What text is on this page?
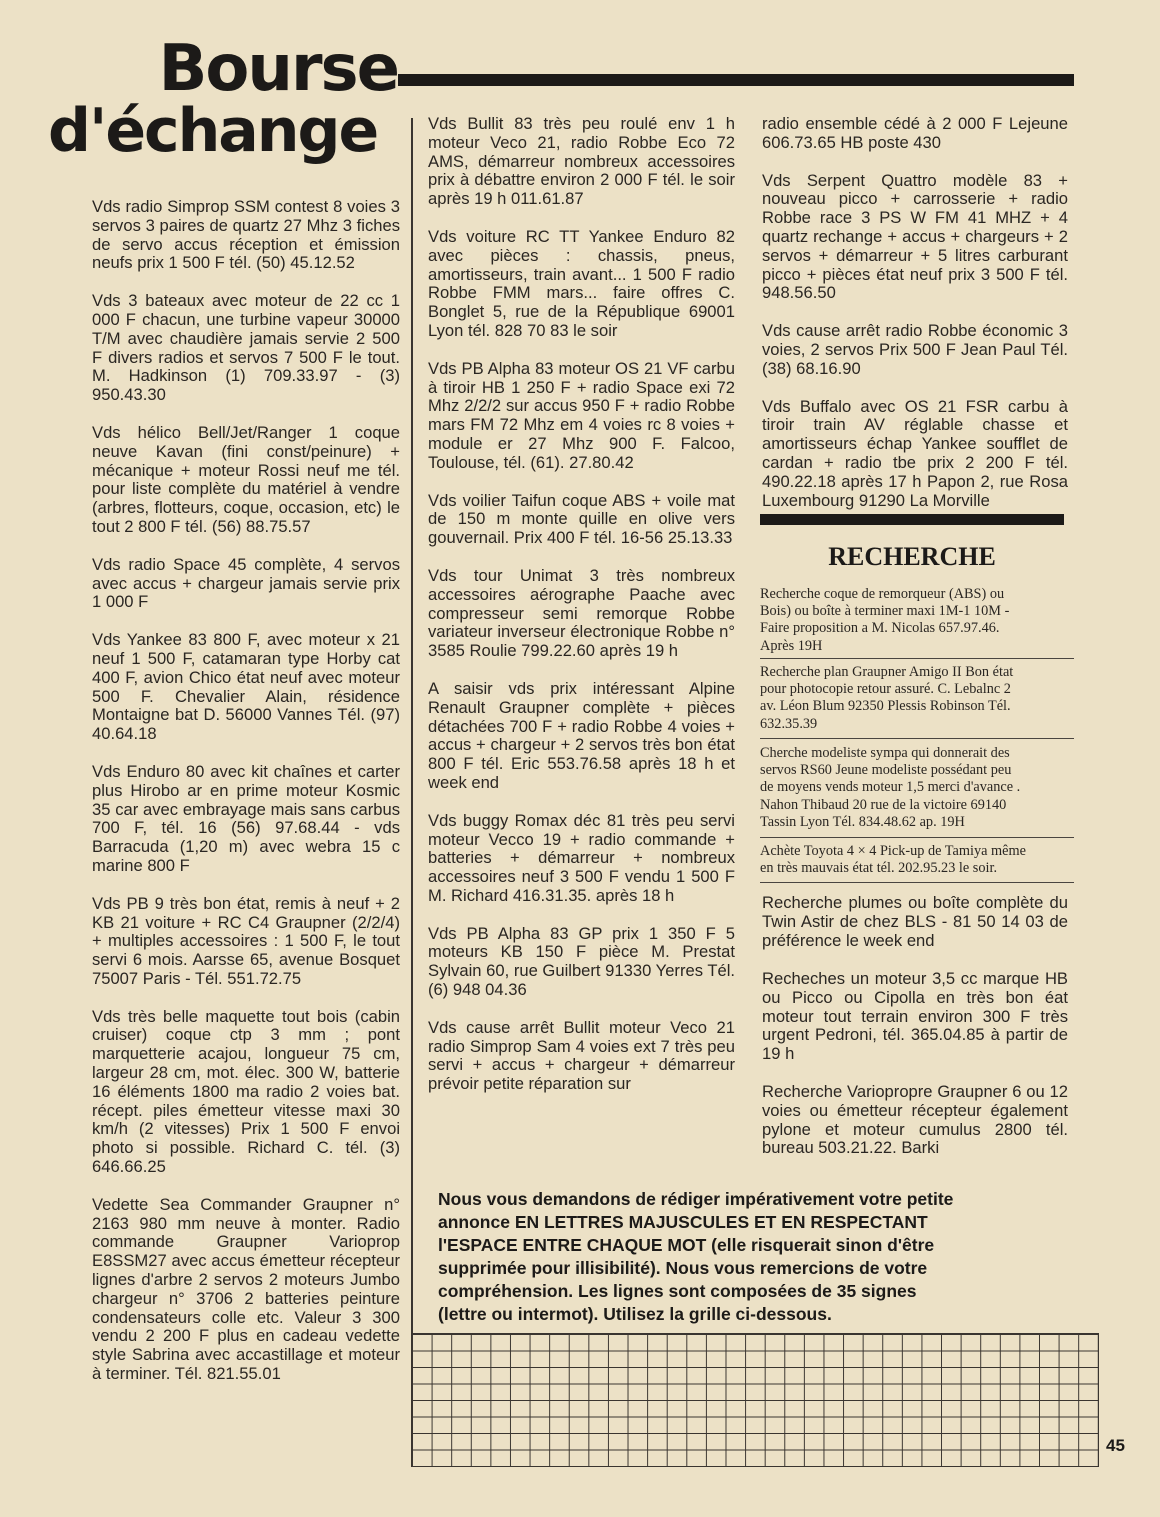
Bourse
d'échange

Vds radio Simprop SSM contest 8 voies 3 servos 3 paires de quartz 27 Mhz 3 fiches de servo accus réception et émission neufs prix 1 500 F tél. (50) 45.12.52

Vds 3 bateaux avec moteur de 22 cc 1 000 F chacun, une turbine vapeur 30000 T/M avec chaudière jamais servie 2 500 F divers radios et servos 7 500 F le tout. M. Hadkinson (1) 709.33.97 - (3) 950.43.30

Vds hélico Bell/Jet/Ranger 1 coque neuve Kavan (fini const/peinure) + mécanique + moteur Rossi neuf me tél. pour liste complète du matériel à vendre (arbres, flotteurs, coque, occasion, etc) le tout 2 800 F tél. (56) 88.75.57

Vds radio Space 45 complète, 4 servos avec accus + chargeur jamais servie prix 1 000 F

Vds Yankee 83 800 F, avec moteur x 21 neuf 1 500 F, catamaran type Horby cat 400 F, avion Chico état neuf avec moteur 500 F. Chevalier Alain, résidence Montaigne bat D. 56000 Vannes Tél. (97) 40.64.18

Vds Enduro 80 avec kit chaînes et carter plus Hirobo ar en prime moteur Kosmic 35 car avec embrayage mais sans carbus 700 F, tél. 16 (56) 97.68.44 - vds Barracuda (1,20 m) avec webra 15 c marine 800 F

Vds PB 9 très bon état, remis à neuf + 2 KB 21 voiture + RC C4 Graupner (2/2/4) + multiples accessoires : 1 500 F, le tout servi 6 mois. Aarsse 65, avenue Bosquet 75007 Paris - Tél. 551.72.75

Vds très belle maquette tout bois (cabin cruiser) coque ctp 3 mm ; pont marquetterie acajou, longueur 75 cm, largeur 28 cm, mot. élec. 300 W, batterie 16 éléments 1800 ma radio 2 voies bat. récept. piles émetteur vitesse maxi 30 km/h (2 vitesses) Prix 1 500 F envoi photo si possible. Richard C. tél. (3) 646.66.25

Vedette Sea Commander Graupner n° 2163 980 mm neuve à monter. Radio commande Graupner Varioprop E8SSM27 avec accus émetteur récepteur lignes d'arbre 2 servos 2 moteurs Jumbo chargeur n° 3706 2 batteries peinture condensateurs colle etc. Valeur 3 300 vendu 2 200 F plus en cadeau vedette style Sabrina avec accastillage et moteur à terminer. Tél. 821.55.01

Vds Bullit 83 très peu roulé env 1 h moteur Veco 21, radio Robbe Eco 72 AMS, démarreur nombreux accessoires prix à débattre environ 2 000 F tél. le soir après 19 h 011.61.87

Vds voiture RC TT Yankee Enduro 82 avec pièces : chassis, pneus, amortisseurs, train avant... 1 500 F radio Robbe FMM mars... faire offres C. Bonglet 5, rue de la République 69001 Lyon tél. 828 70 83 le soir

Vds PB Alpha 83 moteur OS 21 VF carbu à tiroir HB 1 250 F + radio Space exi 72 Mhz 2/2/2 sur accus 950 F + radio Robbe mars FM 72 Mhz em 4 voies rc 8 voies + module er 27 Mhz 900 F. Falcoo, Toulouse, tél. (61). 27.80.42

Vds voilier Taifun coque ABS + voile mat de 150 m monte quille en olive vers gouvernail. Prix 400 F tél. 16-56 25.13.33

Vds tour Unimat 3 très nombreux accessoires aérographe Paache avec compresseur semi remorque Robbe variateur inverseur électronique Robbe n° 3585 Roulie 799.22.60 après 19 h

A saisir vds prix intéressant Alpine Renault Graupner complète + pièces détachées 700 F + radio Robbe 4 voies + accus + chargeur + 2 servos très bon état 800 F tél. Eric 553.76.58 après 18 h et week end

Vds buggy Romax déc 81 très peu servi moteur Vecco 19 + radio commande + batteries + démarreur + nombreux accessoires neuf 3 500 F vendu 1 500 F M. Richard 416.31.35. après 18 h

Vds PB Alpha 83 GP prix 1 350 F 5 moteurs KB 150 F pièce M. Prestat Sylvain 60, rue Guilbert 91330 Yerres Tél. (6) 948 04.36

Vds cause arrêt Bullit moteur Veco 21 radio Simprop Sam 4 voies ext 7 très peu servi + accus + chargeur + démarreur prévoir petite réparation sur

radio ensemble cédé à 2 000 F Lejeune 606.73.65 HB poste 430

Vds Serpent Quattro modèle 83 + nouveau picco + carrosserie + radio Robbe race 3 PS W FM 41 MHZ + 4 quartz rechange + accus + chargeurs + 2 servos + démarreur + 5 litres carburant picco + pièces état neuf prix 3 500 F tél. 948.56.50

Vds cause arrêt radio Robbe économic 3 voies, 2 servos Prix 500 F Jean Paul Tél. (38) 68.16.90

Vds Buffalo avec OS 21 FSR carbu à tiroir train AV réglable chasse et amortisseurs échap Yankee soufflet de cardan + radio tbe prix 2 200 F tél. 490.22.18 après 17 h Papon 2, rue Rosa Luxembourg 91290 La Morville

RECHERCHE
Recherche coque de remorqueur (ABS) ou
Bois) ou boîte à terminer maxi 1M-1 10M -
Faire proposition a M. Nicolas 657.97.46.
Après 19H
Recherche plan Graupner Amigo II Bon état
pour photocopie retour assuré. C. Lebalnc 2
av. Léon Blum 92350 Plessis Robinson Tél.
632.35.39
Cherche modeliste sympa qui donnerait des
servos RS60 Jeune modeliste possédant peu
de moyens vends moteur 1,5 merci d'avance .
Nahon Thibaud 20 rue de la victoire 69140
Tassin Lyon Tél. 834.48.62 ap. 19H
Achète Toyota 4 × 4 Pick-up de Tamiya même
en très mauvais état tél. 202.95.23 le soir.
Recherche plumes ou boîte complète du Twin Astir de chez BLS - 81 50 14 03 de préférence le week end
Recheches un moteur 3,5 cc marque HB ou Picco ou Cipolla en très bon éat moteur tout terrain environ 300 F très urgent Pedroni, tél. 365.04.85 à partir de 19 h
Recherche Varioproprе Graupner 6 ou 12 voies ou émetteur récepteur également pylone et moteur cumulus 2800 tél. bureau 503.21.22. Barki
Nous vous demandons de rédiger impérativement votre petite
annonce EN LETTRES MAJUSCULES ET EN RESPECTANT
l'ESPACE ENTRE CHAQUE MOT (elle risquerait sinon d'être
supprimée pour illisibilité). Nous vous remercions de votre
compréhension. Les lignes sont composées de 35 signes
(lettre ou intermot). Utilisez la grille ci-dessous.
45
